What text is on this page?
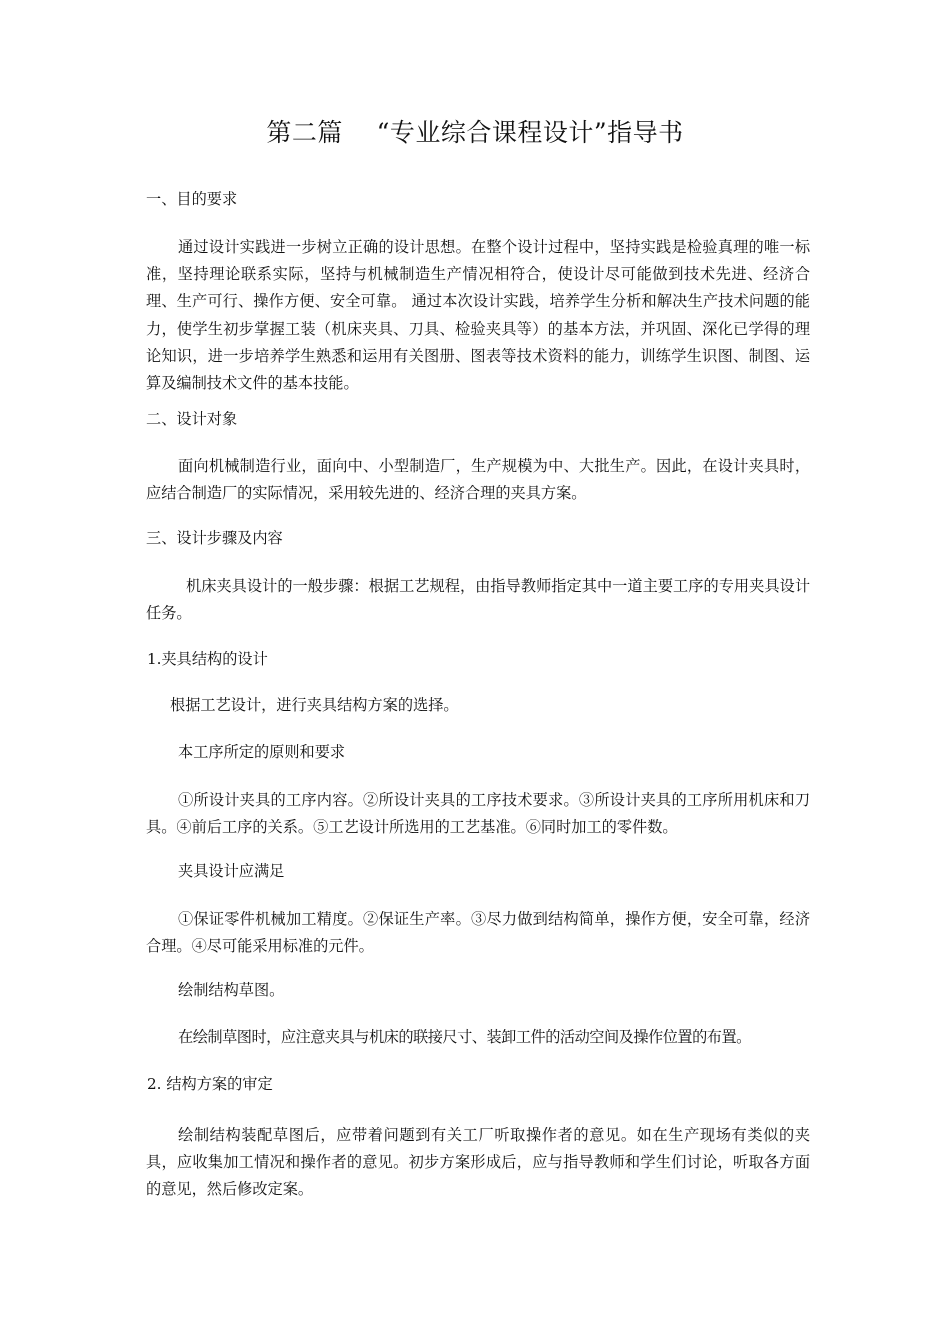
第二篇    “专业综合课程设计”指导书
一、目的要求
通过设计实践进一步树立正确的设计思想。在整个设计过程中，坚持实践是检验真理的唯一标准，坚持理论联系实际，坚持与机械制造生产情况相符合，使设计尽可能做到技术先进、经济合理、生产可行、操作方便、安全可靠。 通过本次设计实践，培养学生分析和解决生产技术问题的能力，使学生初步掌握工装（机床夹具、刀具、检验夹具等）的基本方法，并巩固、深化已学得的理论知识，进一步培养学生熟悉和运用有关图册、图表等技术资料的能力，训练学生识图、制图、运算及编制技术文件的基本技能。
二、设计对象
面向机械制造行业，面向中、小型制造厂，生产规模为中、大批生产。因此，在设计夹具时，应结合制造厂的实际情况，采用较先进的、经济合理的夹具方案。
三、设计步骤及内容
机床夹具设计的一般步骤：根据工艺规程，由指导教师指定其中一道主要工序的专用夹具设计任务。
1.夹具结构的设计
根据工艺设计，进行夹具结构方案的选择。
本工序所定的原则和要求
①所设计夹具的工序内容。②所设计夹具的工序技术要求。③所设计夹具的工序所用机床和刀具。④前后工序的关系。⑤工艺设计所选用的工艺基准。⑥同时加工的零件数。
夹具设计应满足
①保证零件机械加工精度。②保证生产率。③尽力做到结构简单，操作方便，安全可靠，经济合理。④尽可能采用标准的元件。
绘制结构草图。
在绘制草图时，应注意夹具与机床的联接尺寸、装卸工件的活动空间及操作位置的布置。
2. 结构方案的审定
绘制结构装配草图后，应带着问题到有关工厂听取操作者的意见。如在生产现场有类似的夹具，应收集加工情况和操作者的意见。初步方案形成后，应与指导教师和学生们讨论，听取各方面的意见，然后修改定案。
